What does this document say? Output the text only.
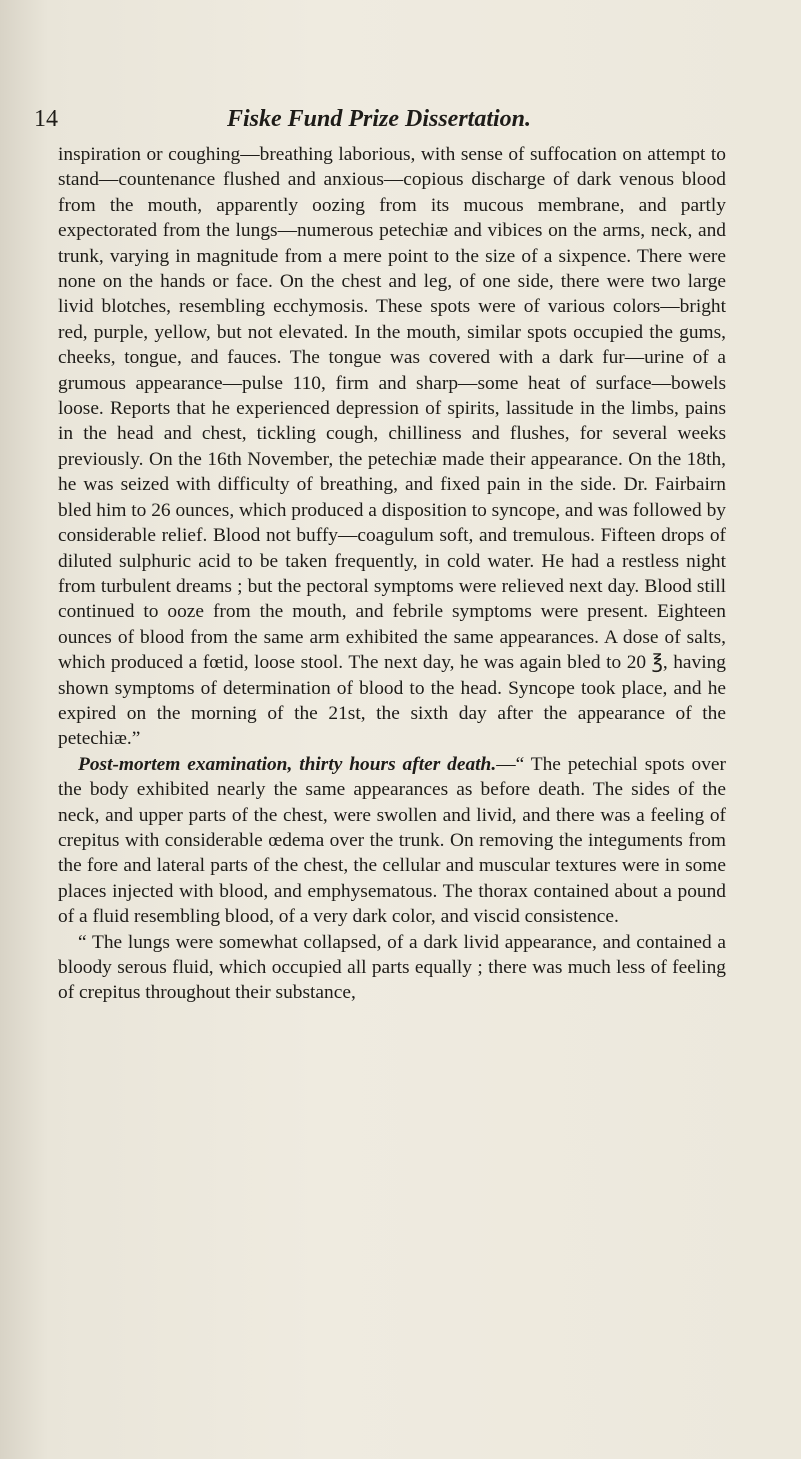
14	Fiske Fund Prize Dissertation.

inspiration or coughing—breathing laborious, with sense of suffocation on attempt to stand—countenance flushed and anxious—copious discharge of dark venous blood from the mouth, apparently oozing from its mucous membrane, and partly expectorated from the lungs—numerous petechiæ and vibices on the arms, neck, and trunk, varying in magnitude from a mere point to the size of a sixpence. There were none on the hands or face. On the chest and leg, of one side, there were two large livid blotches, resembling ecchymosis. These spots were of various colors—bright red, purple, yellow, but not elevated. In the mouth, similar spots occupied the gums, cheeks, tongue, and fauces. The tongue was covered with a dark fur—urine of a grumous appearance—pulse 110, firm and sharp—some heat of surface—bowels loose. Reports that he experienced depression of spirits, lassitude in the limbs, pains in the head and chest, tickling cough, chilliness and flushes, for several weeks previously. On the 16th November, the petechiæ made their appearance. On the 18th, he was seized with difficulty of breathing, and fixed pain in the side. Dr. Fairbairn bled him to 26 ounces, which produced a disposition to syncope, and was followed by considerable relief. Blood not buffy—coagulum soft, and tremulous. Fifteen drops of diluted sulphuric acid to be taken frequently, in cold water. He had a restless night from turbulent dreams ; but the pectoral symptoms were relieved next day. Blood still continued to ooze from the mouth, and febrile symptoms were present. Eighteen ounces of blood from the same arm exhibited the same appearances. A dose of salts, which produced a fœtid, loose stool. The next day, he was again bled to 20 ℥, having shown symptoms of determination of blood to the head. Syncope took place, and he expired on the morning of the 21st, the sixth day after the appearance of the petechiæ.”

Post-mortem examination, thirty hours after death.—“ The petechial spots over the body exhibited nearly the same appearances as before death. The sides of the neck, and upper parts of the chest, were swollen and livid, and there was a feeling of crepitus with considerable œdema over the trunk. On removing the integuments from the fore and lateral parts of the chest, the cellular and muscular textures were in some places injected with blood, and emphysematous. The thorax contained about a pound of a fluid resembling blood, of a very dark color, and viscid consistence.

“ The lungs were somewhat collapsed, of a dark livid appearance, and contained a bloody serous fluid, which occupied all parts equally ; there was much less of feeling of crepitus throughout their substance,
